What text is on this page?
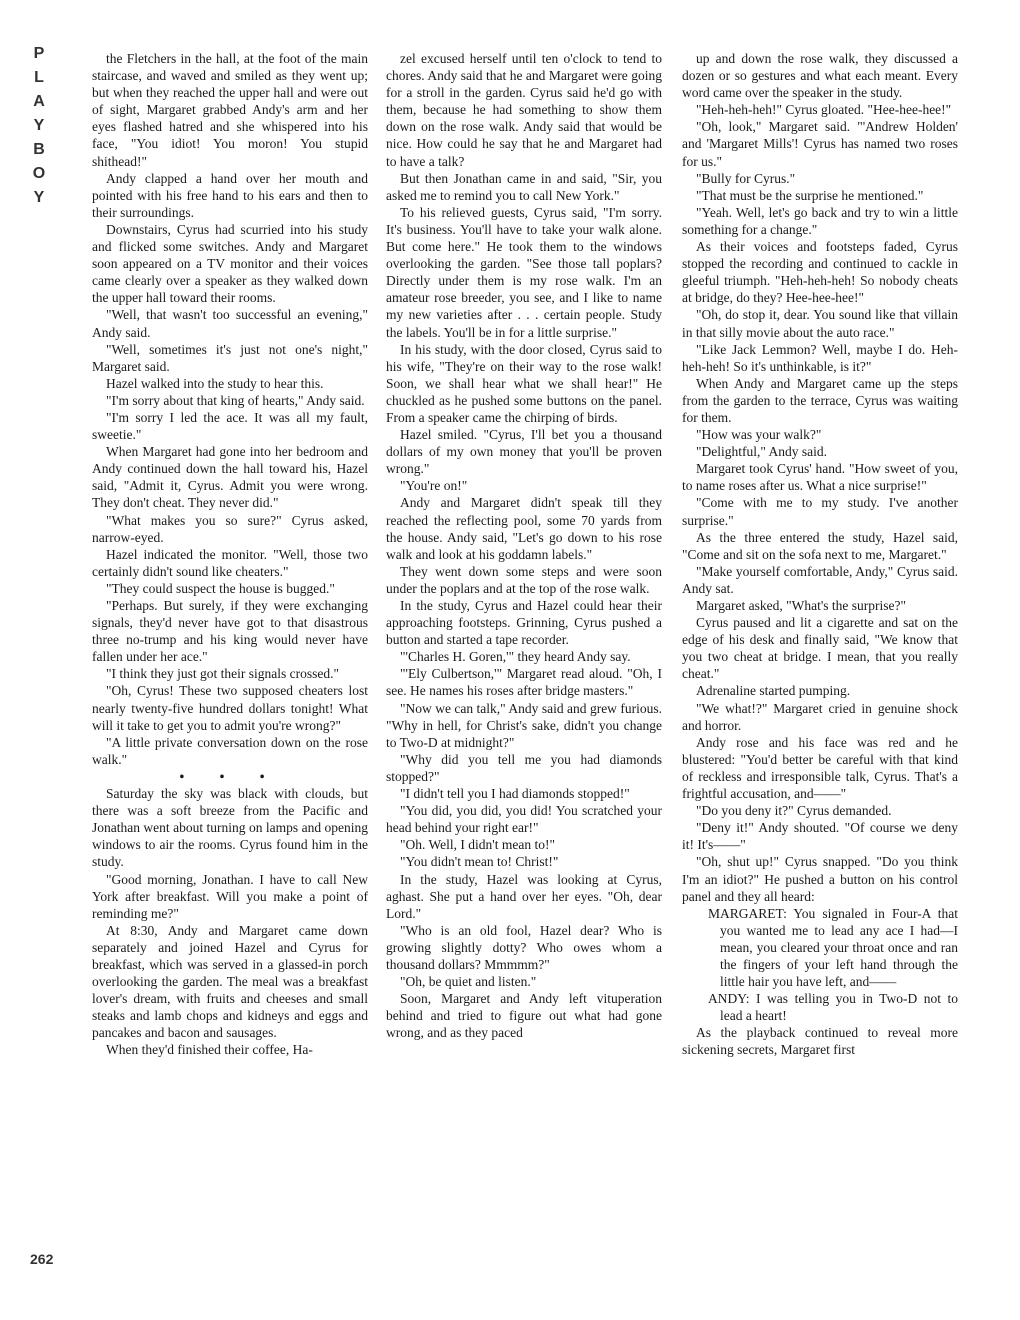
P
L
A
Y
B
O
Y

the Fletchers in the hall, at the foot of the main staircase, and waved and smiled as they went up; but when they reached the upper hall and were out of sight, Margaret grabbed Andy's arm and her eyes flashed hatred and she whispered into his face, "You idiot! You moron! You stupid shithead!"

Andy clapped a hand over her mouth and pointed with his free hand to his ears and then to their surroundings.

Downstairs, Cyrus had scurried into his study and flicked some switches. Andy and Margaret soon appeared on a TV monitor and their voices came clearly over a speaker as they walked down the upper hall toward their rooms.

"Well, that wasn't too successful an evening," Andy said.

"Well, sometimes it's just not one's night," Margaret said.

Hazel walked into the study to hear this.

"I'm sorry about that king of hearts," Andy said.

"I'm sorry I led the ace. It was all my fault, sweetie."

When Margaret had gone into her bedroom and Andy continued down the hall toward his, Hazel said, "Admit it, Cyrus. Admit you were wrong. They don't cheat. They never did."

"What makes you so sure?" Cyrus asked, narrow-eyed.

Hazel indicated the monitor. "Well, those two certainly didn't sound like cheaters."

"They could suspect the house is bugged."

"Perhaps. But surely, if they were exchanging signals, they'd never have got to that disastrous three no-trump and his king would never have fallen under her ace."

"I think they just got their signals crossed."

"Oh, Cyrus! These two supposed cheaters lost nearly twenty-five hundred dollars tonight! What will it take to get you to admit you're wrong?"

"A little private conversation down on the rose walk."

• • •

Saturday the sky was black with clouds, but there was a soft breeze from the Pacific and Jonathan went about turning on lamps and opening windows to air the rooms. Cyrus found him in the study.

"Good morning, Jonathan. I have to call New York after breakfast. Will you make a point of reminding me?"

At 8:30, Andy and Margaret came down separately and joined Hazel and Cyrus for breakfast, which was served in a glassed-in porch overlooking the garden. The meal was a breakfast lover's dream, with fruits and cheeses and small steaks and lamb chops and kidneys and eggs and pancakes and bacon and sausages.

When they'd finished their coffee, Ha-

zel excused herself until ten o'clock to tend to chores. Andy said that he and Margaret were going for a stroll in the garden. Cyrus said he'd go with them, because he had something to show them down on the rose walk. Andy said that would be nice. How could he say that he and Margaret had to have a talk?

But then Jonathan came in and said, "Sir, you asked me to remind you to call New York."

To his relieved guests, Cyrus said, "I'm sorry. It's business. You'll have to take your walk alone. But come here." He took them to the windows overlooking the garden. "See those tall poplars? Directly under them is my rose walk. I'm an amateur rose breeder, you see, and I like to name my new varieties after . . . certain people. Study the labels. You'll be in for a little surprise."

In his study, with the door closed, Cyrus said to his wife, "They're on their way to the rose walk! Soon, we shall hear what we shall hear!" He chuckled as he pushed some buttons on the panel. From a speaker came the chirping of birds.

Hazel smiled. "Cyrus, I'll bet you a thousand dollars of my own money that you'll be proven wrong."

"You're on!"

Andy and Margaret didn't speak till they reached the reflecting pool, some 70 yards from the house. Andy said, "Let's go down to his rose walk and look at his goddamn labels."

They went down some steps and were soon under the poplars and at the top of the rose walk.

In the study, Cyrus and Hazel could hear their approaching footsteps. Grinning, Cyrus pushed a button and started a tape recorder.

"'Charles H. Goren,'" they heard Andy say.

"'Ely Culbertson,'" Margaret read aloud. "Oh, I see. He names his roses after bridge masters."

"Now we can talk," Andy said and grew furious. "Why in hell, for Christ's sake, didn't you change to Two-D at midnight?"

"Why did you tell me you had diamonds stopped?"

"I didn't tell you I had diamonds stopped!"

"You did, you did, you did! You scratched your head behind your right ear!"

"Oh. Well, I didn't mean to!"

"You didn't mean to! Christ!"

In the study, Hazel was looking at Cyrus, aghast. She put a hand over her eyes. "Oh, dear Lord."

"Who is an old fool, Hazel dear? Who is growing slightly dotty? Who owes whom a thousand dollars? Mmmmm?"

"Oh, be quiet and listen."

Soon, Margaret and Andy left vituperation behind and tried to figure out what had gone wrong, and as they paced

up and down the rose walk, they discussed a dozen or so gestures and what each meant. Every word came over the speaker in the study.

"Heh-heh-heh!" Cyrus gloated. "Hee-hee-hee!"

"Oh, look," Margaret said. "'Andrew Holden' and 'Margaret Mills'! Cyrus has named two roses for us."

"Bully for Cyrus."

"That must be the surprise he mentioned."

"Yeah. Well, let's go back and try to win a little something for a change."

As their voices and footsteps faded, Cyrus stopped the recording and continued to cackle in gleeful triumph. "Heh-heh-heh! So nobody cheats at bridge, do they? Hee-hee-hee!"

"Oh, do stop it, dear. You sound like that villain in that silly movie about the auto race."

"Like Jack Lemmon? Well, maybe I do. Heh-heh-heh! So it's unthinkable, is it?"

When Andy and Margaret came up the steps from the garden to the terrace, Cyrus was waiting for them.

"How was your walk?"

"Delightful," Andy said.

Margaret took Cyrus' hand. "How sweet of you, to name roses after us. What a nice surprise!"

"Come with me to my study. I've another surprise."

As the three entered the study, Hazel said, "Come and sit on the sofa next to me, Margaret."

"Make yourself comfortable, Andy," Cyrus said. Andy sat.

Margaret asked, "What's the surprise?"

Cyrus paused and lit a cigarette and sat on the edge of his desk and finally said, "We know that you two cheat at bridge. I mean, that you really cheat."

Adrenaline started pumping.

"We what!?" Margaret cried in genuine shock and horror.

Andy rose and his face was red and he blustered: "You'd better be careful with that kind of reckless and irresponsible talk, Cyrus. That's a frightful accusation, and——"

"Do you deny it?" Cyrus demanded.

"Deny it!" Andy shouted. "Of course we deny it! It's——"

"Oh, shut up!" Cyrus snapped. "Do you think I'm an idiot?" He pushed a button on his control panel and they all heard:

MARGARET: You signaled in Four-A that you wanted me to lead any ace I had—I mean, you cleared your throat once and ran the fingers of your left hand through the little hair you have left, and——

ANDY: I was telling you in Two-D not to lead a heart!

As the playback continued to reveal more sickening secrets, Margaret first

262
